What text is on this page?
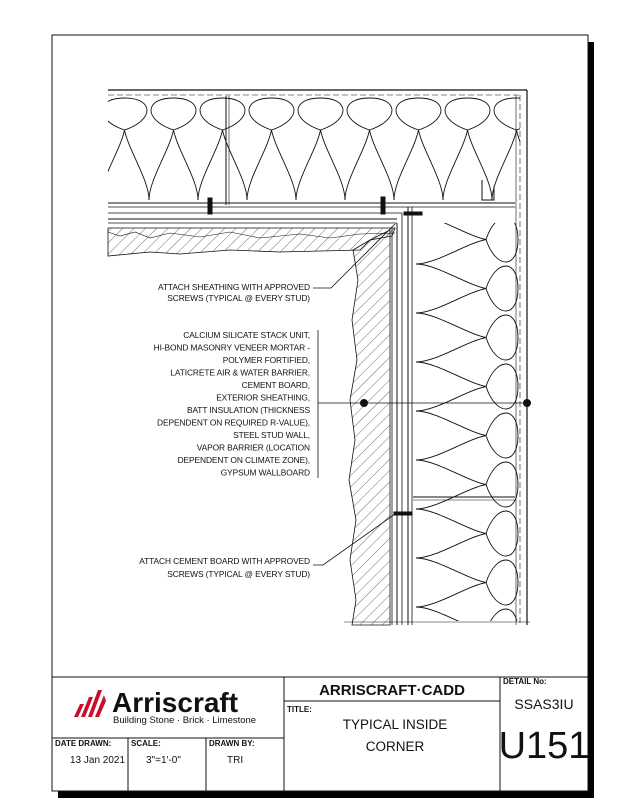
ATTACH SHEATHING WITH APPROVED
SCREWS (TYPICAL @ EVERY STUD)
CALCIUM SILICATE STACK UNIT,
HI-BOND MASONRY VENEER MORTAR -
POLYMER FORTIFIED,
LATICRETE AIR & WATER BARRIER,
CEMENT BOARD,
EXTERIOR SHEATHING,
BATT INSULATION (THICKNESS
DEPENDENT ON REQUIRED R-VALUE),
STEEL STUD WALL,
VAPOR BARRIER (LOCATION
DEPENDENT ON CLIMATE ZONE),
GYPSUM WALLBOARD
ATTACH CEMENT BOARD WITH APPROVED
SCREWS (TYPICAL @ EVERY STUD)
Arriscraft
Building Stone · Brick · Limestone
DATE DRAWN:
13 Jan 2021
SCALE:
3"=1'-0"
DRAWN BY:
TRI
ARRISCRAFT·CADD
TITLE:
TYPICAL INSIDE
CORNER
DETAIL No:
SSAS3IU
U151
